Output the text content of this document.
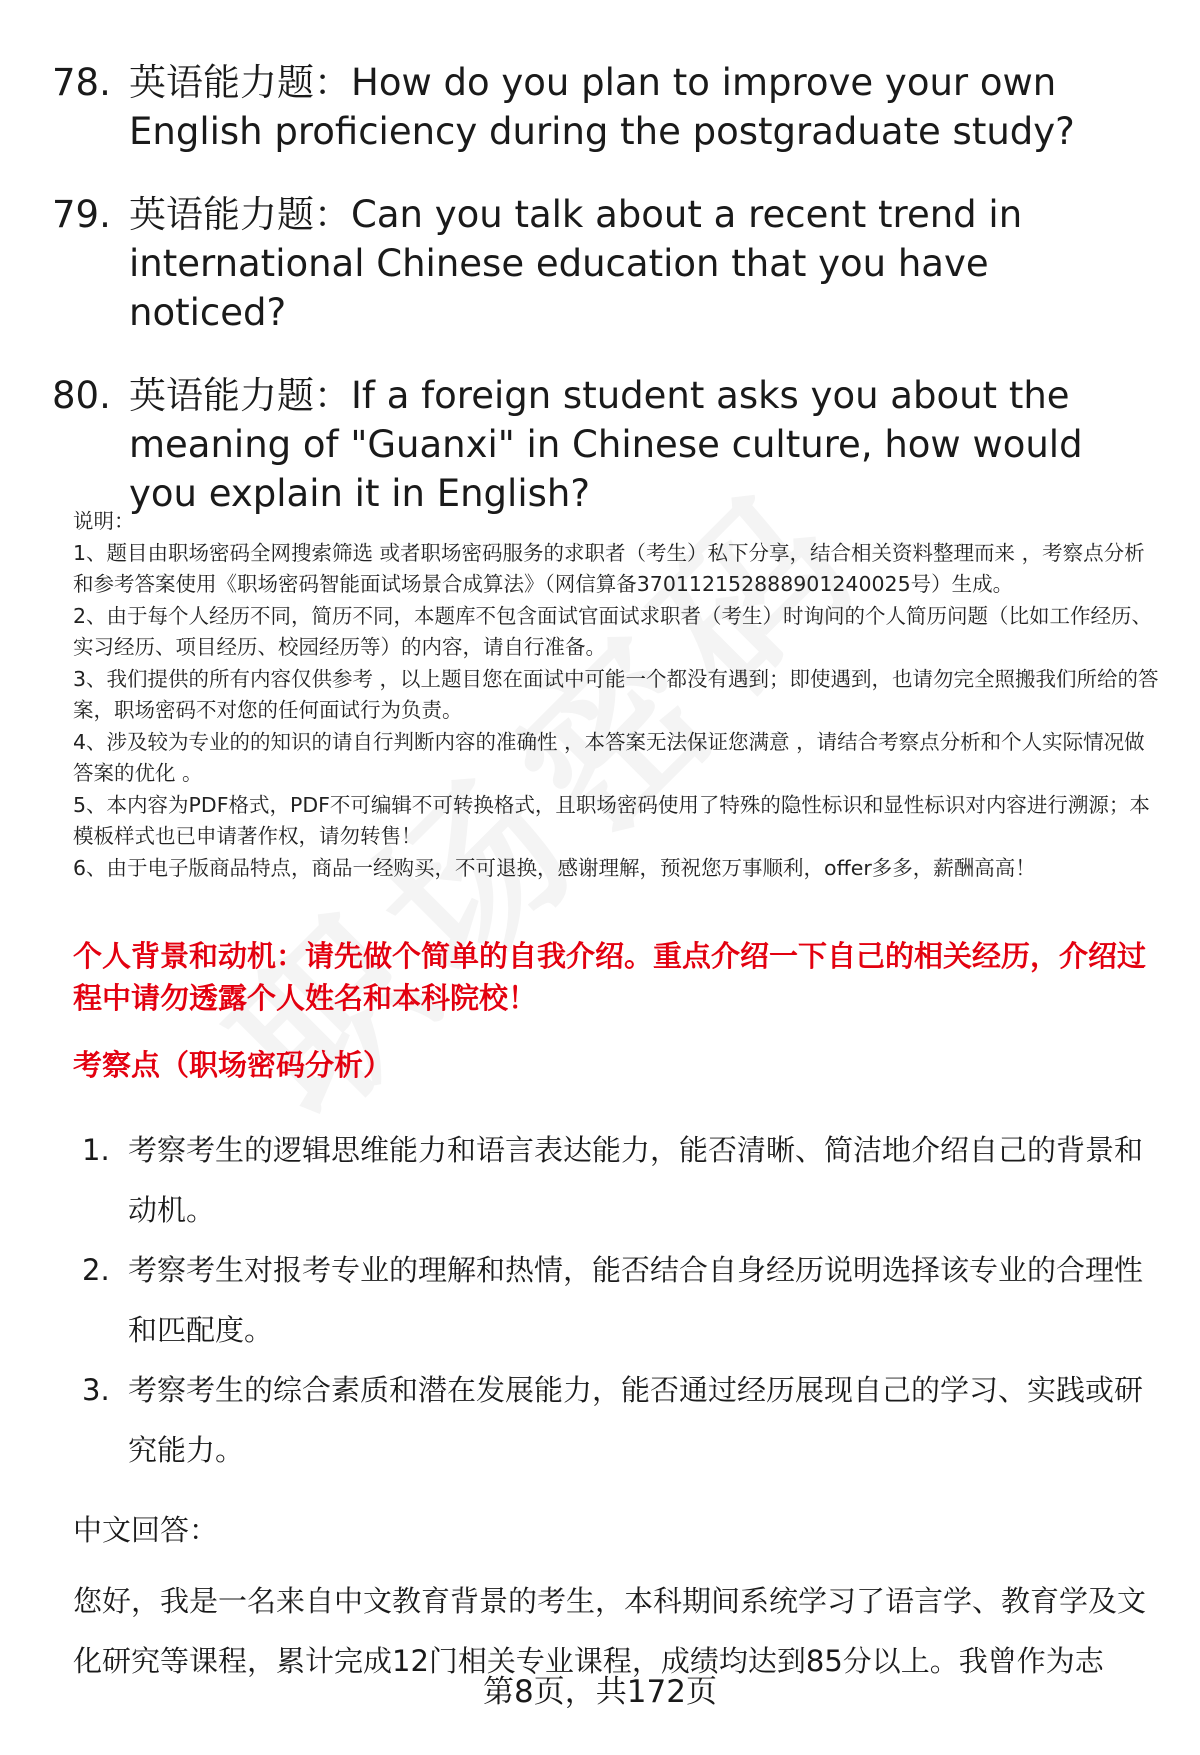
78. 英语能力题：How do you plan to improve your own English proficiency during the postgraduate study?
79. 英语能力题：Can you talk about a recent trend in international Chinese education that you have noticed?
80. 英语能力题：If a foreign student asks you about the meaning of "Guanxi" in Chinese culture, how would you explain it in English?
说明：
1、题目由职场密码全网搜索筛选 或者职场密码服务的求职者（考生）私下分享，结合相关资料整理而来 ，考察点分析和参考答案使用《职场密码智能面试场景合成算法》（网信算备370112152888901240025号）生成。
2、由于每个人经历不同，简历不同，本题库不包含面试官面试求职者（考生）时询问的个人简历问题（比如工作经历、实习经历、项目经历、校园经历等）的内容，请自行准备。
3、我们提供的所有内容仅供参考 ，以上题目您在面试中可能一个都没有遇到；即使遇到，也请勿完全照搬我们所给的答案，职场密码不对您的任何面试行为负责。
4、涉及较为专业的的知识的请自行判断内容的准确性 ，本答案无法保证您满意 ，请结合考察点分析和个人实际情况做答案的优化 。
5、本内容为PDF格式，PDF不可编辑不可转换格式，且职场密码使用了特殊的隐性标识和显性标识对内容进行溯源；本模板样式也已申请著作权，请勿转售！
6、由于电子版商品特点，商品一经购买，不可退换，感谢理解，预祝您万事顺利，offer多多，薪酬高高！
个人背景和动机：请先做个简单的自我介绍。重点介绍一下自己的相关经历，介绍过程中请勿透露个人姓名和本科院校！
考察点（职场密码分析）
1. 考察考生的逻辑思维能力和语言表达能力，能否清晰、简洁地介绍自己的背景和动机。
2. 考察考生对报考专业的理解和热情，能否结合自身经历说明选择该专业的合理性和匹配度。
3. 考察考生的综合素质和潜在发展能力，能否通过经历展现自己的学习、实践或研究能力。
中文回答：
您好，我是一名来自中文教育背景的考生，本科期间系统学习了语言学、教育学及文化研究等课程，累计完成12门相关专业课程，成绩均达到85分以上。我曾作为志
第8页，共172页
